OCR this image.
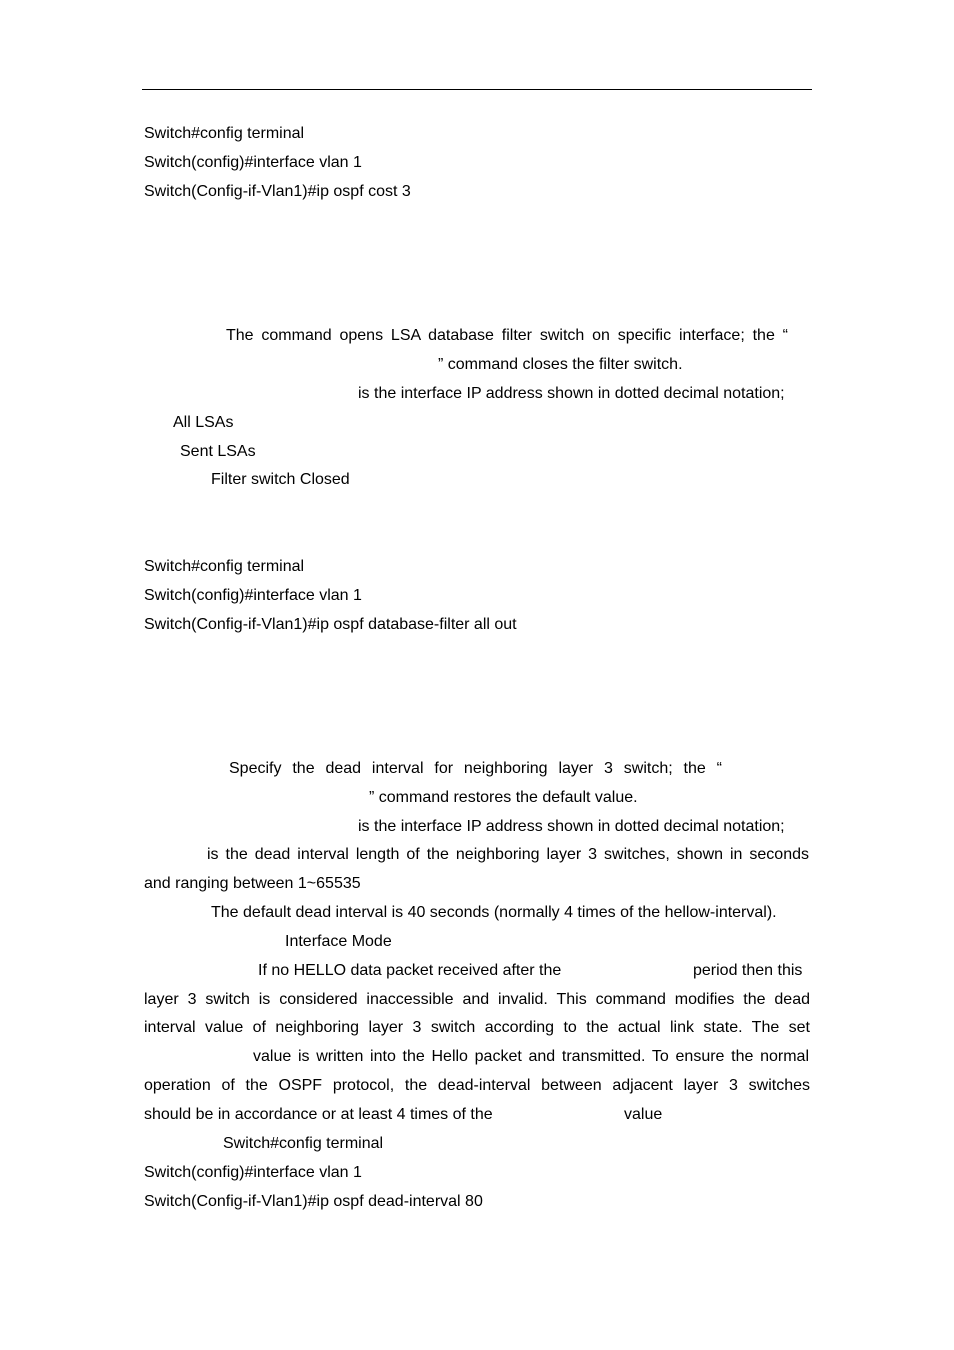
Switch#config terminal
Switch(config)#interface vlan 1
Switch(Config-if-Vlan1)#ip ospf cost 3
The command opens LSA database filter switch on specific interface; the “
” command closes the filter switch.
is the interface IP address shown in dotted decimal notation;
All LSAs
Sent LSAs
Filter switch Closed
Switch#config terminal
Switch(config)#interface vlan 1
Switch(Config-if-Vlan1)#ip ospf database-filter all out
Specify the dead interval for neighboring layer 3 switch; the “
” command restores the default value.
is the interface IP address shown in dotted decimal notation;
is the dead interval length of the neighboring layer 3 switches, shown in seconds
and ranging between 1~65535
The default dead interval is 40 seconds (normally 4 times of the hellow-interval).
Interface Mode
If no HELLO data packet received after the	period then this
layer 3 switch is considered inaccessible and invalid. This command modifies the dead
interval value of neighboring layer 3 switch according to the actual link state. The set
value is written into the Hello packet and transmitted. To ensure the normal
operation of the OSPF protocol, the dead-interval between adjacent layer 3 switches
should be in accordance or at least 4 times of the	value
Switch#config terminal
Switch(config)#interface vlan 1
Switch(Config-if-Vlan1)#ip ospf dead-interval 80
